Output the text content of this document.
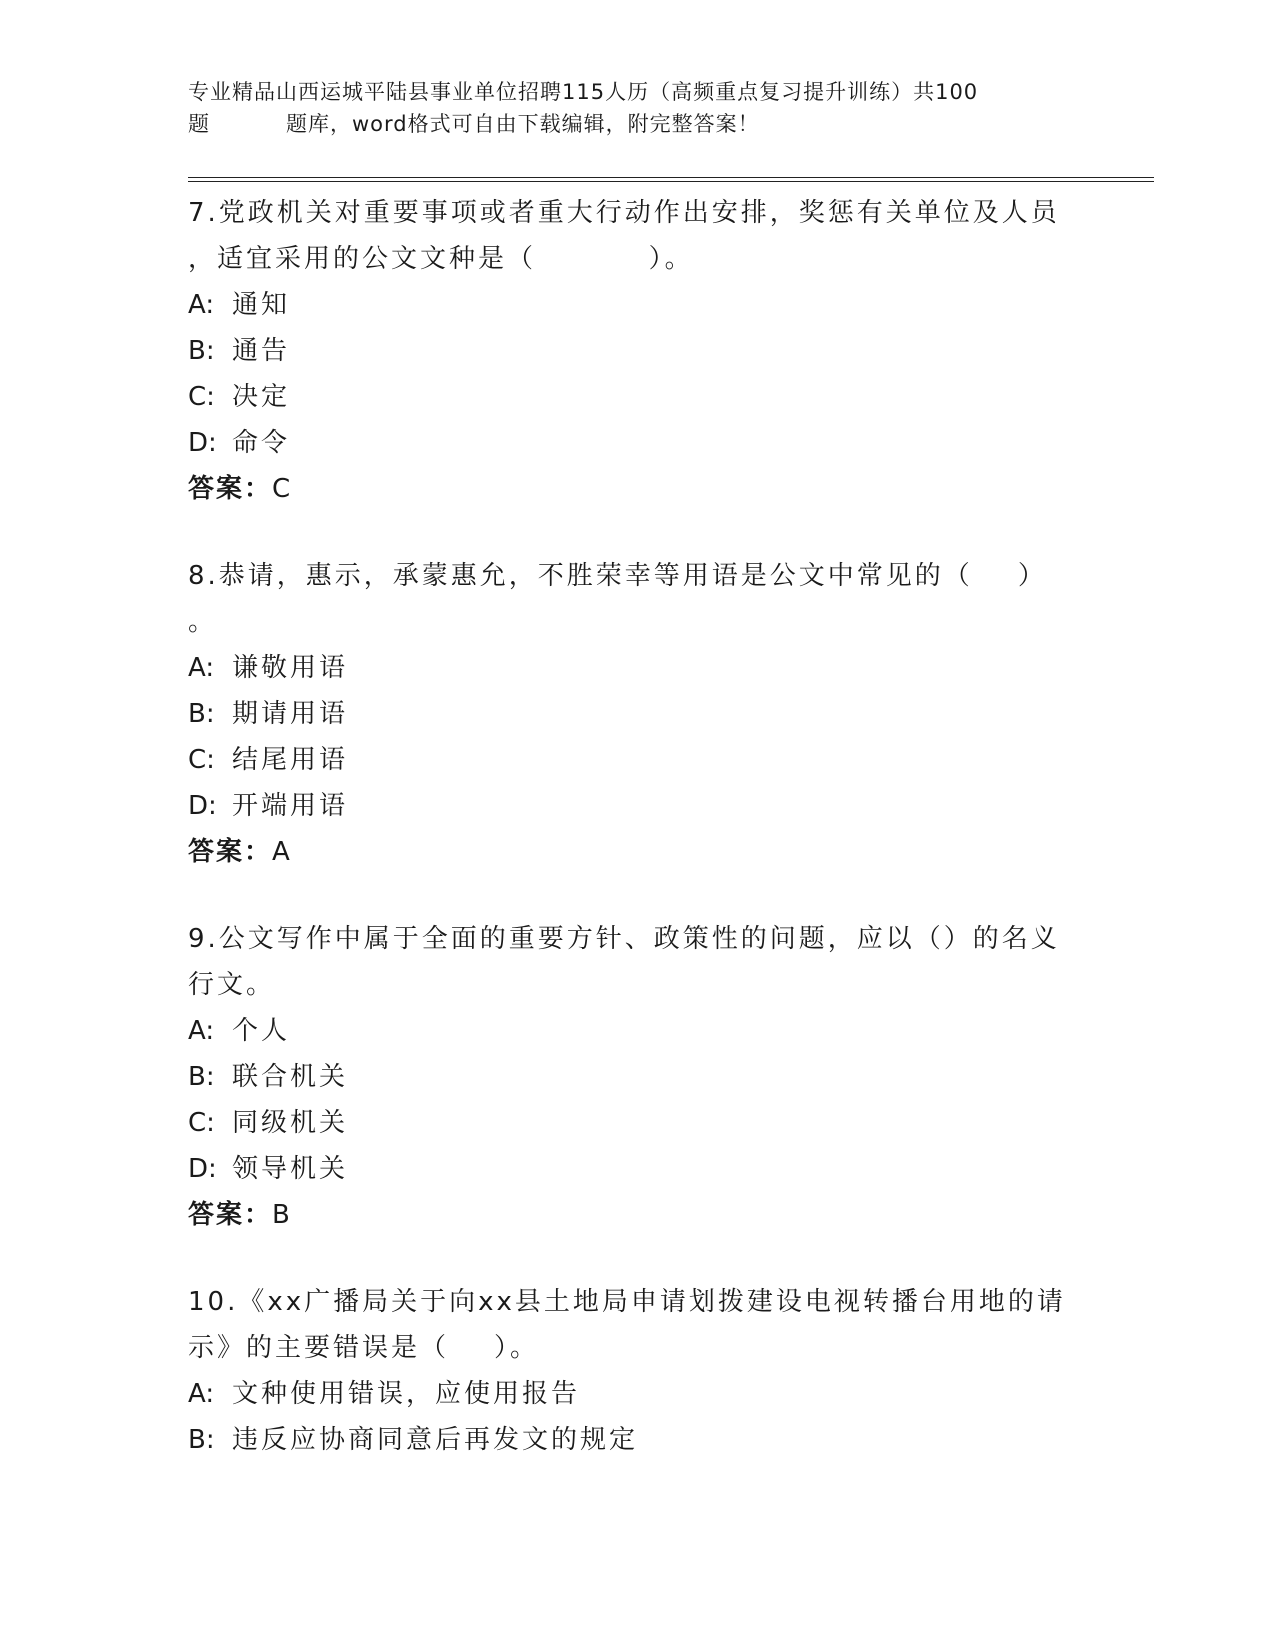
专业精品山西运城平陆县事业单位招聘115人历（高频重点复习提升训练）共100
题	题库，word格式可自由下载编辑，附完整答案！
7.党政机关对重要事项或者重大行动作出安排，奖惩有关单位及人员
，适宜采用的公文文种是（          ）。
A: 通知
B: 通告
C: 决定
D: 命令
答案： C
8.恭请，惠示，承蒙惠允，不胜荣幸等用语是公文中常见的（    ）
。
A: 谦敬用语
B: 期请用语
C: 结尾用语
D: 开端用语
答案： A
9.公文写作中属于全面的重要方针、政策性的问题，应以（）的名义
行文。
A: 个人
B: 联合机关
C: 同级机关
D: 领导机关
答案： B
10.《xx广播局关于向xx县土地局申请划拨建设电视转播台用地的请
示》的主要错误是（    ）。
A: 文种使用错误，应使用报告
B: 违反应协商同意后再发文的规定
